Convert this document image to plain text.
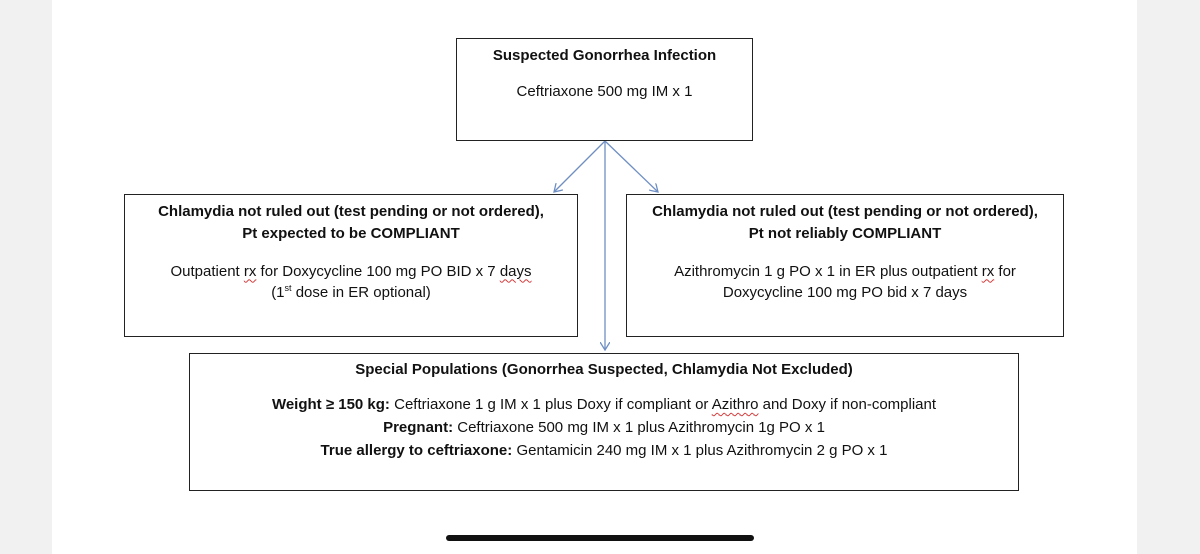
Suspected Gonorrhea Infection
Ceftriaxone 500 mg IM x 1
Chlamydia not ruled out (test pending or not ordered),
Pt expected to be COMPLIANT
Outpatient rx for Doxycycline 100 mg PO BID x 7 days
(1st dose in ER optional)
Chlamydia not ruled out (test pending or not ordered),
Pt not reliably COMPLIANT
Azithromycin 1 g PO x 1 in ER plus outpatient rx for
Doxycycline 100 mg PO bid x 7 days
Special Populations (Gonorrhea Suspected, Chlamydia Not Excluded)
Weight ≥ 150 kg: Ceftriaxone 1 g IM x 1 plus Doxy if compliant or Azithro and Doxy if non-compliant
Pregnant: Ceftriaxone 500 mg IM x 1 plus Azithromycin 1g PO x 1
True allergy to ceftriaxone: Gentamicin 240 mg IM x 1 plus Azithromycin 2 g PO x 1
